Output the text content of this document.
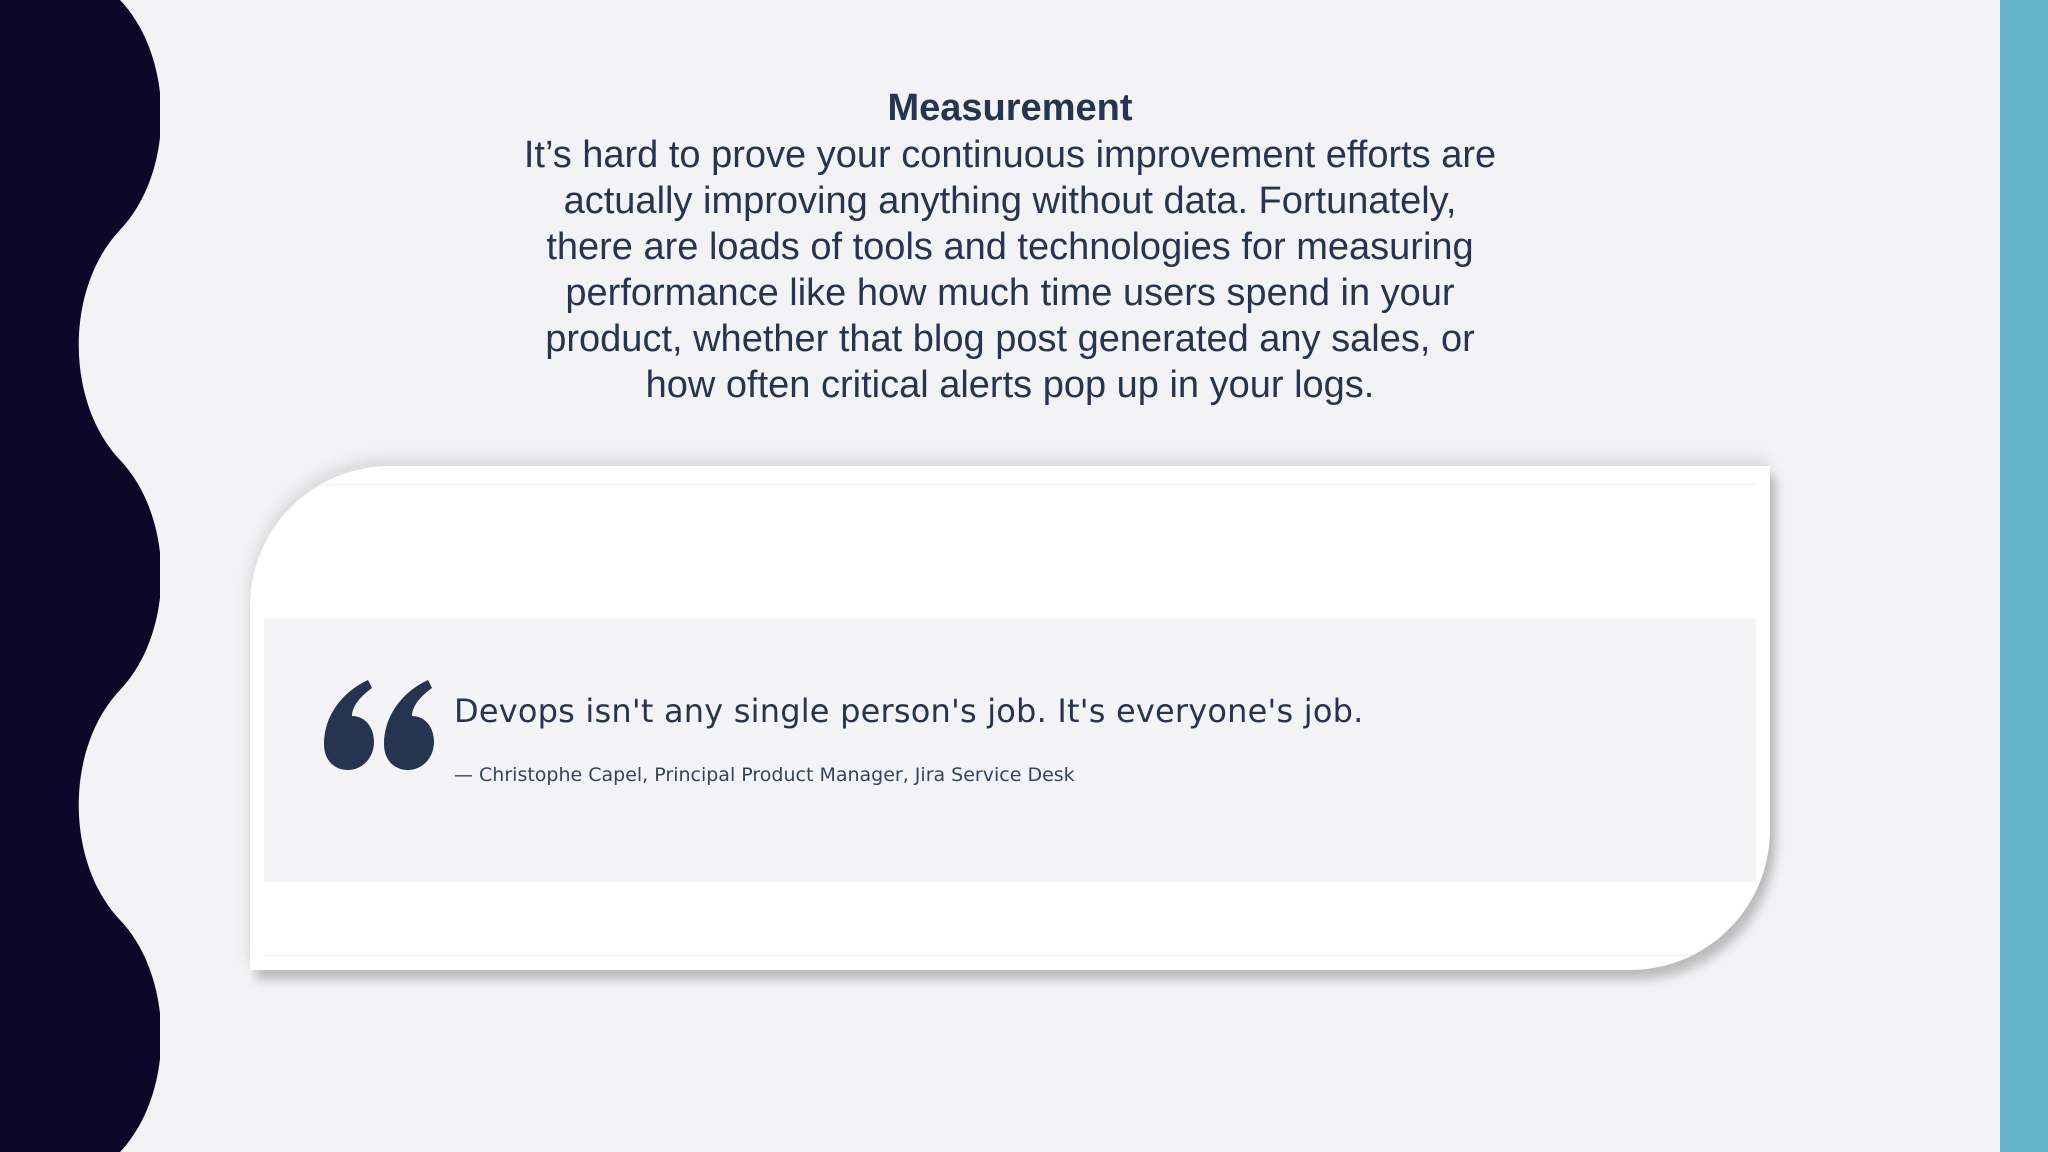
Measurement

It’s hard to prove your continuous improvement efforts are

actually improving anything without data. Fortunately,

there are loads of tools and technologies for measuring

performance like how much time users spend in your

product, whether that blog post generated any sales, or

how often critical alerts pop up in your logs.

Devops isn't any single person's job. It's everyone's job.

— Christophe Capel, Principal Product Manager, Jira Service Desk
